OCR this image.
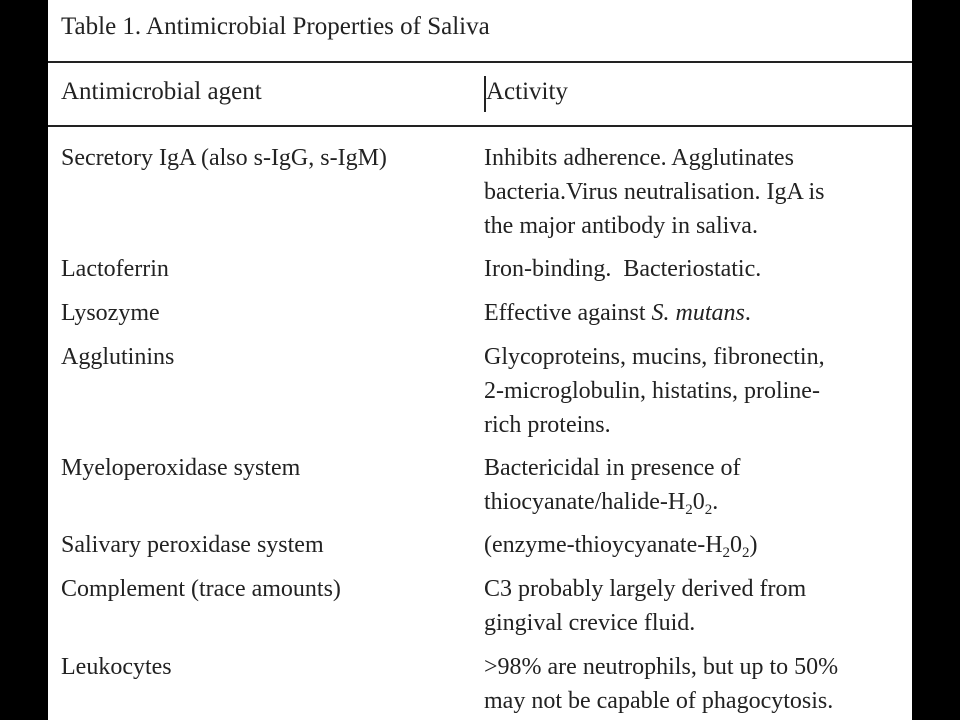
Table 1. Antimicrobial Properties of Saliva
Antimicrobial agent	Activity
Secretory IgA (also s-IgG, s-IgM)	Inhibits adherence. Agglutinates
bacteria.Virus neutralisation. IgA is
the major antibody in saliva.
Lactoferrin	Iron-binding.  Bacteriostatic.
Lysozyme	Effective against S. mutans.
Agglutinins	Glycoproteins, mucins, fibronectin,
2-microglobulin, histatins, proline-
rich proteins.
Myeloperoxidase system	Bactericidal in presence of
thiocyanate/$halide-H_20_2$.
Salivary peroxidase system	$(enzyme-thioycyanate-H_20_2)$
Complement (trace amounts)	C3 probably largely derived from
gingival crevice fluid.
Leukocytes	>98% are neutrophils, but up to 50%
may not be capable of phagocytosis.
